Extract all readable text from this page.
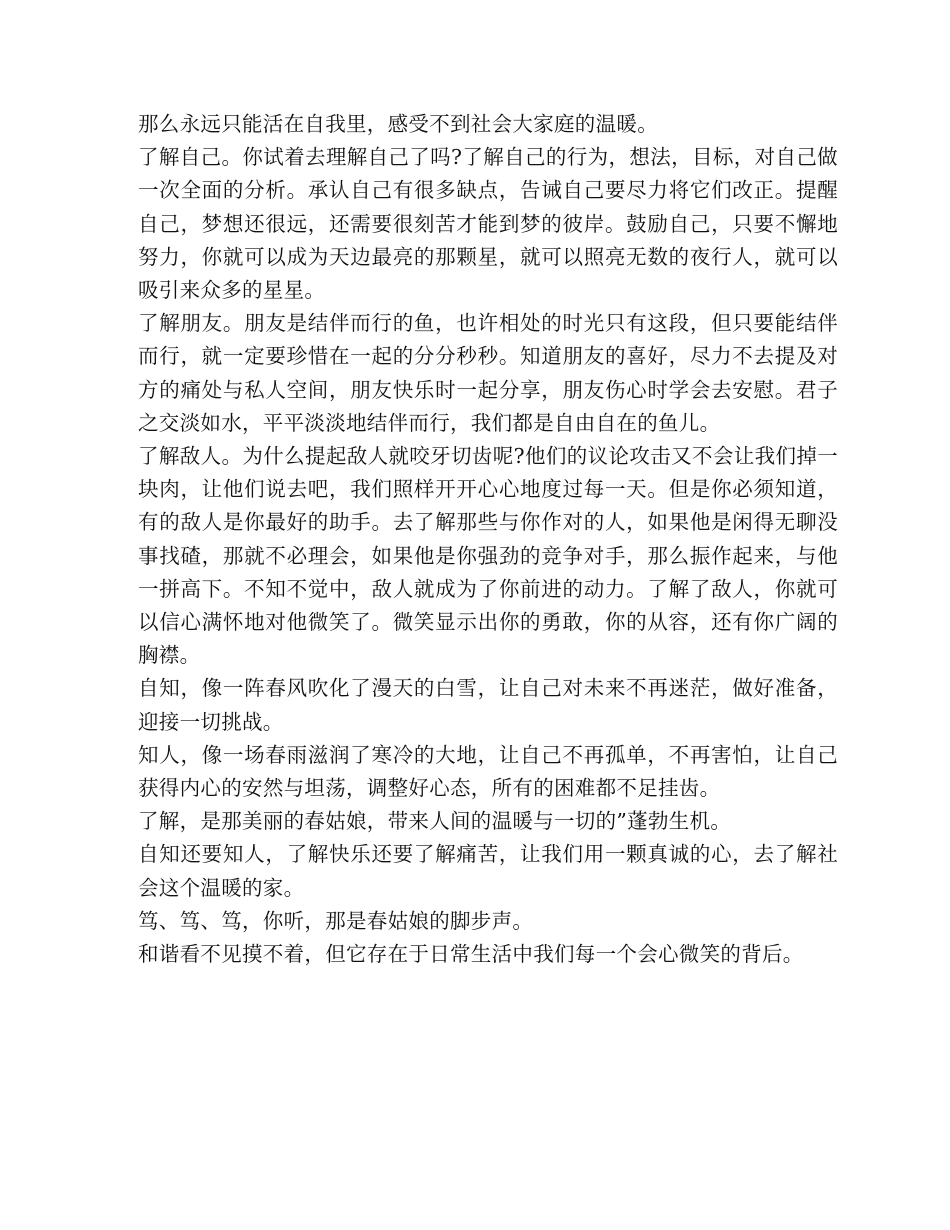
那么永远只能活在自我里，感受不到社会大家庭的温暖。

了解自己。你试着去理解自己了吗?了解自己的行为，想法，目标，对自己做一次全面的分析。承认自己有很多缺点，告诫自己要尽力将它们改正。提醒自己，梦想还很远，还需要很刻苦才能到梦的彼岸。鼓励自己，只要不懈地努力，你就可以成为天边最亮的那颗星，就可以照亮无数的夜行人，就可以吸引来众多的星星。

了解朋友。朋友是结伴而行的鱼，也许相处的时光只有这段，但只要能结伴而行，就一定要珍惜在一起的分分秒秒。知道朋友的喜好，尽力不去提及对方的痛处与私人空间，朋友快乐时一起分享，朋友伤心时学会去安慰。君子之交淡如水，平平淡淡地结伴而行，我们都是自由自在的鱼儿。

了解敌人。为什么提起敌人就咬牙切齿呢?他们的议论攻击又不会让我们掉一块肉，让他们说去吧，我们照样开开心心地度过每一天。但是你必须知道，有的敌人是你最好的助手。去了解那些与你作对的人，如果他是闲得无聊没事找碴，那就不必理会，如果他是你强劲的竞争对手，那么振作起来，与他一拼高下。不知不觉中，敌人就成为了你前进的动力。了解了敌人，你就可以信心满怀地对他微笑了。微笑显示出你的勇敢，你的从容，还有你广阔的胸襟。

自知，像一阵春风吹化了漫天的白雪，让自己对未来不再迷茫，做好准备，迎接一切挑战。

知人，像一场春雨滋润了寒冷的大地，让自己不再孤单，不再害怕，让自己获得内心的安然与坦荡，调整好心态，所有的困难都不足挂齿。

了解，是那美丽的春姑娘，带来人间的温暖与一切的”蓬勃生机。

自知还要知人，了解快乐还要了解痛苦，让我们用一颗真诚的心，去了解社会这个温暖的家。

笃、笃、笃，你听，那是春姑娘的脚步声。

和谐看不见摸不着，但它存在于日常生活中我们每一个会心微笑的背后。
